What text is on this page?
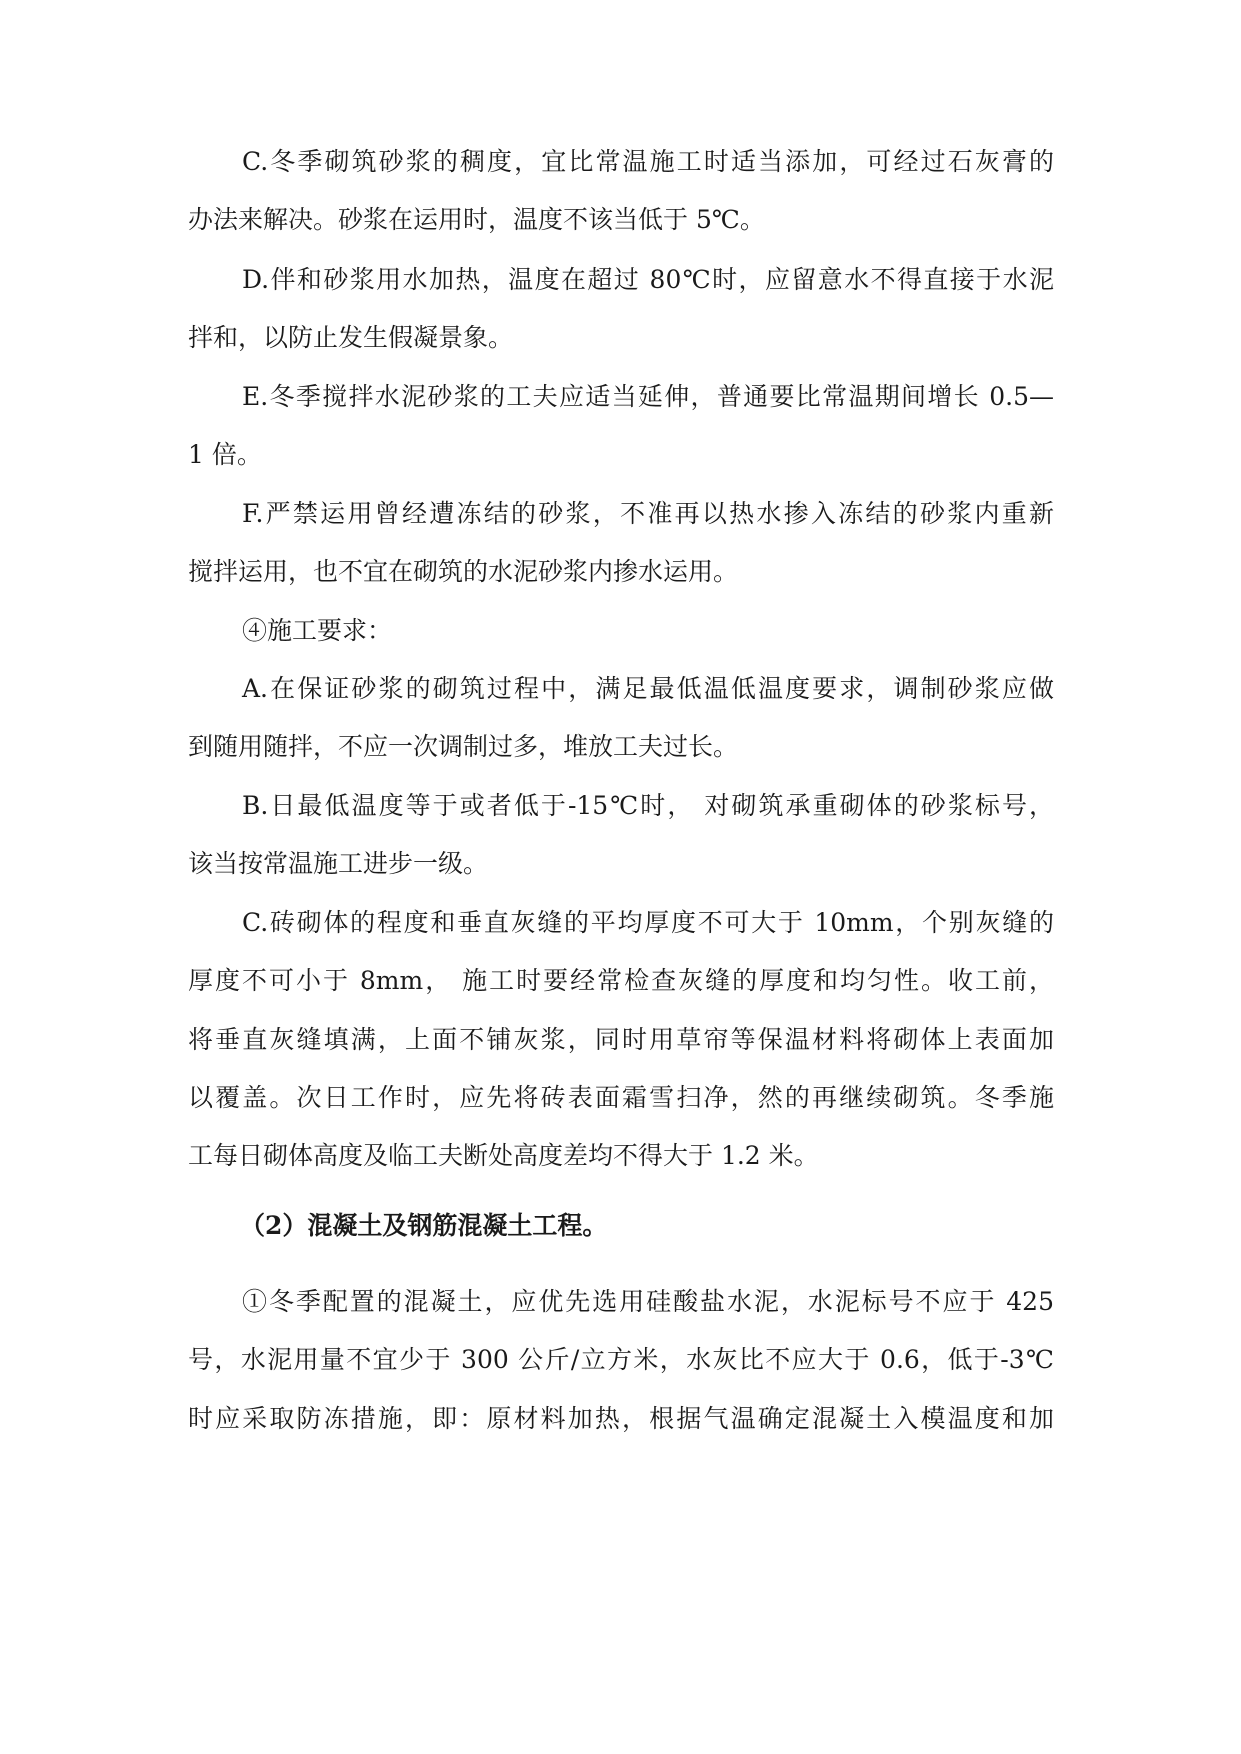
C.冬季砌筑砂浆的稠度，宜比常温施工时适当添加，可经过石灰膏的
办法来解决。砂浆在运用时，温度不该当低于 5℃。
D.伴和砂浆用水加热，温度在超过 80℃时，应留意水不得直接于水泥
拌和，以防止发生假凝景象。
E.冬季搅拌水泥砂浆的工夫应适当延伸，普通要比常温期间增长 0.5—
1 倍。
F.严禁运用曾经遭冻结的砂浆，不准再以热水掺入冻结的砂浆内重新
搅拌运用，也不宜在砌筑的水泥砂浆内掺水运用。
④施工要求：
A.在保证砂浆的砌筑过程中，满足最低温低温度要求，调制砂浆应做
到随用随拌，不应一次调制过多，堆放工夫过长。
B.日最低温度等于或者低于-15℃时， 对砌筑承重砌体的砂浆标号，
该当按常温施工进步一级。
C.砖砌体的程度和垂直灰缝的平均厚度不可大于 10mm，个别灰缝的
厚度不可小于 8mm， 施工时要经常检查灰缝的厚度和均匀性。收工前，
将垂直灰缝填满，上面不铺灰浆，同时用草帘等保温材料将砌体上表面加
以覆盖。次日工作时，应先将砖表面霜雪扫净，然的再继续砌筑。冬季施
工每日砌体高度及临工夫断处高度差均不得大于 1.2 米。
（2）混凝土及钢筋混凝土工程。
①冬季配置的混凝土，应优先选用硅酸盐水泥，水泥标号不应于 425
号，水泥用量不宜少于 300 公斤/立方米，水灰比不应大于 0.6，低于-3℃
时应采取防冻措施，即：原材料加热，根据气温确定混凝土入模温度和加
